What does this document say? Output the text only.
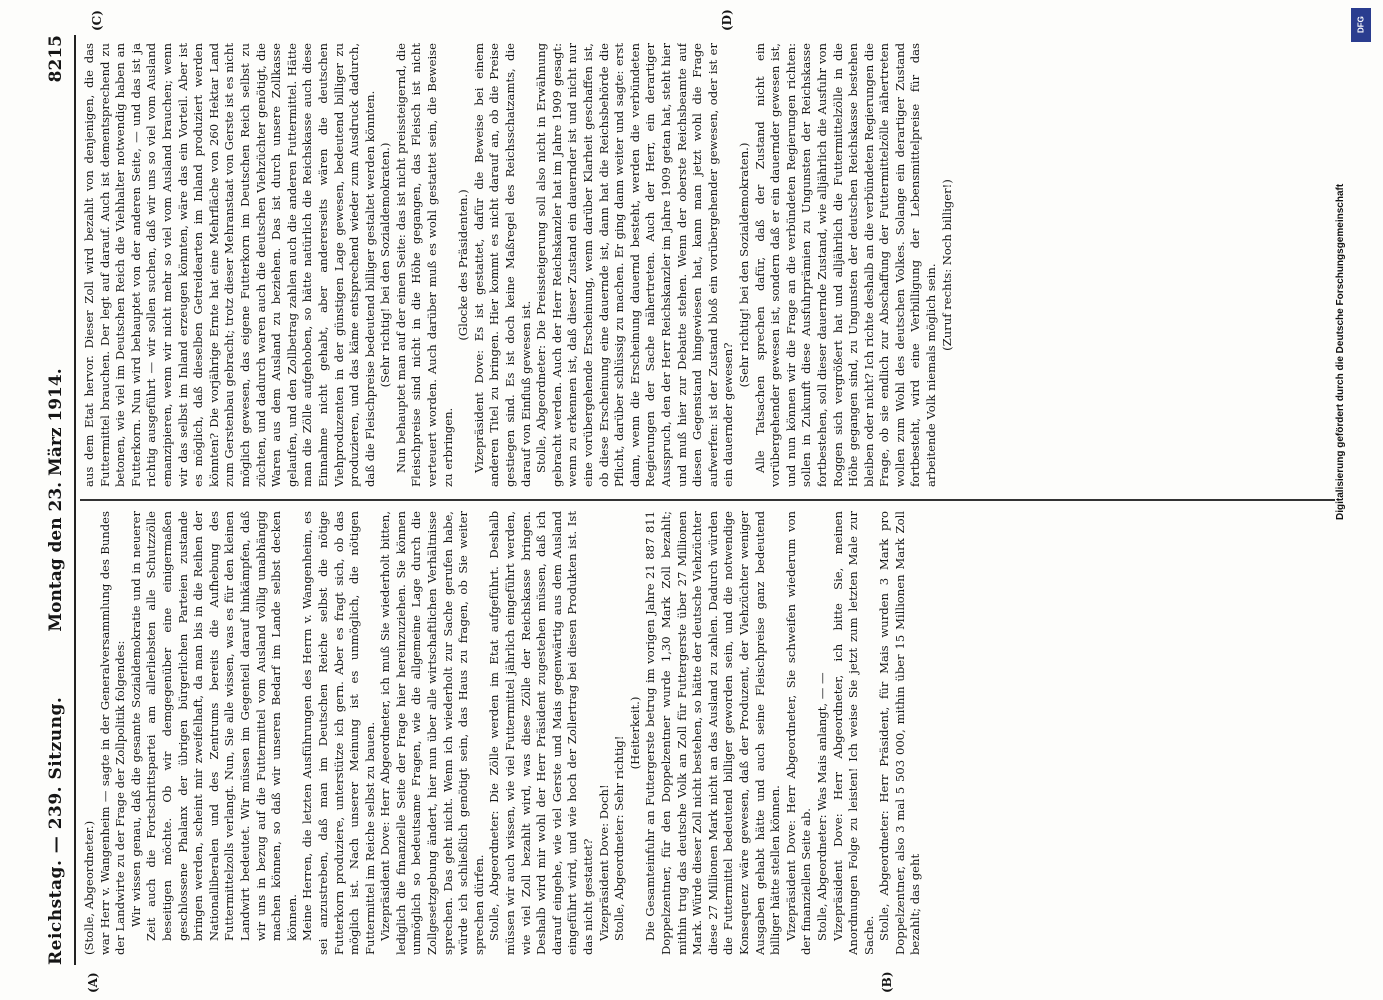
Reichstag. — 239. Sitzung.
Montag den 23. März 1914.
8215
(A)	(B)
(C)	(D)

(Stolle, Abgeordneter.) war Herr v. Wangenheim — sagte in der Generalversammlung des Bundes der Landwirte zu der Frage der Zollpolitik folgendes: Wir wissen genau, daß die gesamte Sozialdemokratie und in neuerer Zeit auch die Fortschrittspartei am allerliebsten alle Schutzzölle beseitigen möchte. Ob wir demgegenüber eine einigermaßen geschlossene Phalanx der übrigen bürgerlichen Parteien zustande bringen werden, scheint mir zweifelhaft, da man bis in die Reihen der Nationalliberalen und des Zentrums bereits die Aufhebung des Futtermittelzolls verlangt. Nun, Sie alle wissen, was es für den kleinen Landwirt bedeutet. Wir müssen im Gegenteil darauf hinkämpfen, daß wir uns in bezug auf die Futtermittel vom Ausland völlig unabhängig machen können, so daß wir unseren Bedarf im Lande selbst decken können. Meine Herren, die letzten Ausführungen des Herrn v. Wangenheim, es sei anzustreben, daß man im Deutschen Reiche selbst die nötige Futterkorn produziere, unterstütze ich gern. Aber es fragt sich, ob das möglich ist. Nach unserer Meinung ist es unmöglich, die nötigen Futtermittel im Reiche selbst zu bauen. Vizepräsident Dove: Herr Abgeordneter, ich muß Sie wiederholt bitten, lediglich die finanzielle Seite der Frage hier hereinzuziehen. Sie können unmöglich so bedeutsame Fragen, wie die allgemeine Lage durch die Zollgesetzgebung ändert, hier nun über alle wirtschaftlichen Verhältnisse sprechen. Das geht nicht. Wenn ich wiederholt zur Sache gerufen habe, würde ich schließlich genötigt sein, das Haus zu fragen, ob Sie weiter sprechen dürfen. Stolle, Abgeordneter: Die Zölle werden im Etat aufgeführt. Deshalb müssen wir auch wissen, wie viel Futtermittel jährlich eingeführt werden, wie viel Zoll bezahlt wird, was diese Zölle der Reichskasse bringen. Deshalb wird mir wohl der Herr Präsident zugestehen müssen, daß ich darauf eingehe, wie viel Gerste und Mais gegenwärtig aus dem Ausland eingeführt wird, und wie hoch der Zollertrag bei diesen Produkten ist. Ist das nicht gestattet? Vizepräsident Dove: Doch! Stolle, Abgeordneter: Sehr richtig!

(Heiterkeit.) Die Gesamteinfuhr an Futtergerste betrug im vorigen Jahre 21 887 811 Doppelzentner, für den Doppelzentner wurde 1,30 Mark Zoll bezahlt; mithin trug das deutsche Volk an Zoll für Futtergerste über 27 Millionen Mark. Würde dieser Zoll nicht bestehen, so hätte der deutsche Viehzüchter diese 27 Millionen Mark nicht an das Ausland zu zahlen. Dadurch würden die Futtermittel bedeutend billiger geworden sein, und die notwendige Konsequenz wäre gewesen, daß der Produzent, der Viehzüchter weniger Ausgaben gehabt hätte und auch seine Fleischpreise ganz bedeutend billiger hätte stellen können. Vizepräsident Dove: Herr Abgeordneter, Sie schweifen wiederum von der finanziellen Seite ab. Stolle, Abgeordneter: Was Mais anlangt, — — Vizepräsident Dove: Herr Abgeordneter, ich bitte Sie, meinen Anordnungen Folge zu leisten! Ich weise Sie jetzt zum letzten Male zur Sache. Stolle, Abgeordneter: Herr Präsident, für Mais wurden 3 Mark pro Doppelzentner, also 3 mal 5 503 000, mithin über 15 Millionen Mark Zoll bezahlt; das geht

aus dem Etat hervor. Dieser Zoll wird bezahlt von denjenigen, die das Futtermittel brauchen. Der legt auf darauf. Auch ist dementsprechend zu betonen, wie viel im Deutschen Reich die Viehhalter notwendig haben an Futterkorn. Nun wird behauptet von der anderen Seite, — und das ist ja richtig ausgeführt — wir sollen suchen, daß wir uns so viel vom Ausland emanzipieren, wenn wir nicht mehr so viel vom Ausland brauchen; wenn wir das selbst im Inland erzeugen könnten, wäre das ein Vorteil. Aber ist es möglich, daß dieselben Getreidearten im Inland produziert werden könnten? Die vorjährige Ernte hat eine Mehrfläche von 260 Hektar Land zum Gerstenbau gebracht; trotz dieser Mehranstaat von Gerste ist es nicht möglich gewesen, das eigene Futterkorn im Deutschen Reich selbst zu züchten, und dadurch waren auch die deutschen Viehzüchter genötigt, die Waren aus dem Ausland zu beziehen. Das ist durch unsere Zollkasse gelaufen, und den Zollbetrag zahlen auch die anderen Futtermittel. Hätte man die Zölle aufgehoben, so hätte natürlich die Reichskasse auch diese Einnahme nicht gehabt, aber andererseits wären die deutschen Viehproduzenten in der günstigen Lage gewesen, bedeutend billiger zu produzieren, und das käme entsprechend wieder zum Ausdruck dadurch, daß die Fleischpreise bedeutend billiger gestaltet werden könnten. (Sehr richtig! bei den Sozialdemokraten.) Nun behauptet man auf der einen Seite: das ist nicht preissteigernd, die Fleischpreise sind nicht in die Höhe gegangen, das Fleisch ist nicht verteuert worden. Auch darüber muß es wohl gestattet sein, die Beweise zu erbringen.

(Glocke des Präsidenten.) Vizepräsident Dove: Es ist gestattet, dafür die Beweise bei einem anderen Titel zu bringen. Hier kommt es nicht darauf an, ob die Preise gestiegen sind. Es ist doch keine Maßregel des Reichsschatzamts, die darauf von Einfluß gewesen ist. Stolle, Abgeordneter: Die Preissteigerung soll also nicht in Erwähnung gebracht werden. Auch der Herr Reichskanzler hat im Jahre 1909 gesagt: wenn zu erkennen ist, daß dieser Zustand ein dauernder ist und nicht nur eine vorübergehende Erscheinung, wenn darüber Klarheit geschaffen ist, ob diese Erscheinung eine dauernde ist, dann hat die Reichsbehörde die Pflicht, darüber schlüssig zu machen. Er ging dann weiter und sagte: erst dann, wenn die Erscheinung dauernd besteht, werden die verbündeten Regierungen der Sache nähertreten. Auch der Herr, ein derartiger Ausspruch, den der Herr Reichskanzler im Jahre 1909 getan hat, steht hier und muß hier zur Debatte stehen. Wenn der oberste Reichsbeamte auf diesen Gegenstand hingewiesen hat, kann man jetzt wohl die Frage aufwerfen: ist der Zustand bloß ein vorübergehender gewesen, oder ist er ein dauernder gewesen?

(Sehr richtig! bei den Sozialdemokraten.) Alle Tatsachen sprechen dafür, daß der Zustand nicht ein vorübergehender gewesen ist, sondern daß er ein dauernder gewesen ist, und nun können wir die Frage an die verbündeten Regierungen richten: sollen in Zukunft diese Ausfuhrprämien zu Ungunsten der Reichskasse fortbestehen, soll dieser dauernde Zustand, wie alljährlich die Ausfuhr von Roggen sich vergrößert hat und alljährlich die Futtermittelzölle in die Höhe gegangen sind, zu Ungunsten der deutschen Reichskasse bestehen bleiben oder nicht? Ich richte deshalb an die verbündeten Regierungen die Frage, ob sie endlich zur Abschaffung der Futtermittelzölle nähertreten wollen zum Wohl des deutschen Volkes. Solange ein derartiger Zustand fortbesteht, wird eine Verbilligung der Lebensmittelpreise für das arbeitende Volk niemals möglich sein. (Zuruf rechts: Noch billiger!)

DFG
Digitalisierung gefördert durch die Deutsche Forschungsgemeinschaft
